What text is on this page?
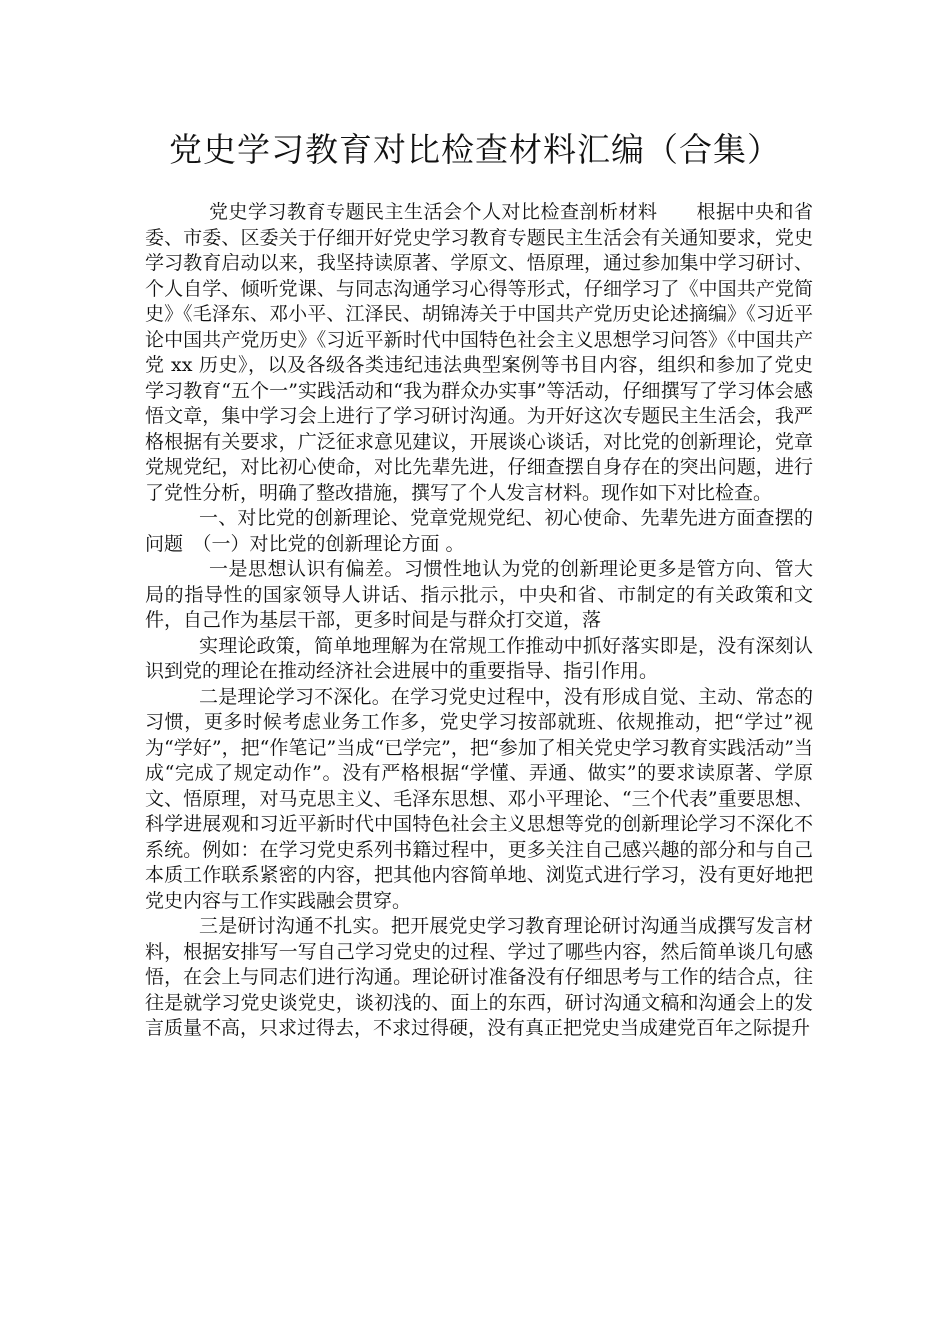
党史学习教育对比检查材料汇编（合集）

党史学习教育专题民主生活会个人对比检查剖析材料　　根据中央和省委、市委、区委关于仔细开好党史学习教育专题民主生活会有关通知要求，党史学习教育启动以来，我坚持读原著、学原文、悟原理，通过参加集中学习研讨、个人自学、倾听党课、与同志沟通学习心得等形式，仔细学习了《中国共产党简史》《毛泽东、邓小平、江泽民、胡锦涛关于中国共产党历史论述摘编》《习近平论中国共产党历史》《习近平新时代中国特色社会主义思想学习问答》《中国共产党 xx 历史》，以及各级各类违纪违法典型案例等书目内容，组织和参加了党史学习教育“五个一”实践活动和“我为群众办实事”等活动，仔细撰写了学习体会感悟文章，集中学习会上进行了学习研讨沟通。为开好这次专题民主生活会，我严格根据有关要求，广泛征求意见建议，开展谈心谈话，对比党的创新理论，党章党规党纪，对比初心使命，对比先辈先进，仔细查摆自身存在的突出问题，进行了党性分析，明确了整改措施，撰写了个人发言材料。现作如下对比检查。

一、对比党的创新理论、党章党规党纪、初心使命、先辈先进方面查摆的问题　（一）对比党的创新理论方面 。

一是思想认识有偏差。习惯性地认为党的创新理论更多是管方向、管大局的指导性的国家领导人讲话、指示批示，中央和省、市制定的有关政策和文件，自己作为基层干部，更多时间是与群众打交道，落

实理论政策，简单地理解为在常规工作推动中抓好落实即是，没有深刻认识到党的理论在推动经济社会进展中的重要指导、指引作用。

二是理论学习不深化。在学习党史过程中，没有形成自觉、主动、常态的习惯，更多时候考虑业务工作多，党史学习按部就班、依规推动，把“学过”视为“学好”，把“作笔记”当成“已学完”，把“参加了相关党史学习教育实践活动”当成“完成了规定动作”。没有严格根据“学懂、弄通、做实”的要求读原著、学原文、悟原理，对马克思主义、毛泽东思想、邓小平理论、“三个代表”重要思想、科学进展观和习近平新时代中国特色社会主义思想等党的创新理论学习不深化不系统。例如：在学习党史系列书籍过程中，更多关注自己感兴趣的部分和与自己本质工作联系紧密的内容，把其他内容简单地、浏览式进行学习，没有更好地把党史内容与工作实践融会贯穿。

三是研讨沟通不扎实。把开展党史学习教育理论研讨沟通当成撰写发言材料，根据安排写一写自己学习党史的过程、学过了哪些内容，然后简单谈几句感悟，在会上与同志们进行沟通。理论研讨准备没有仔细思考与工作的结合点，往往是就学习党史谈党史，谈初浅的、面上的东西，研讨沟通文稿和沟通会上的发言质量不高，只求过得去，不求过得硬，没有真正把党史当成建党百年之际提升
